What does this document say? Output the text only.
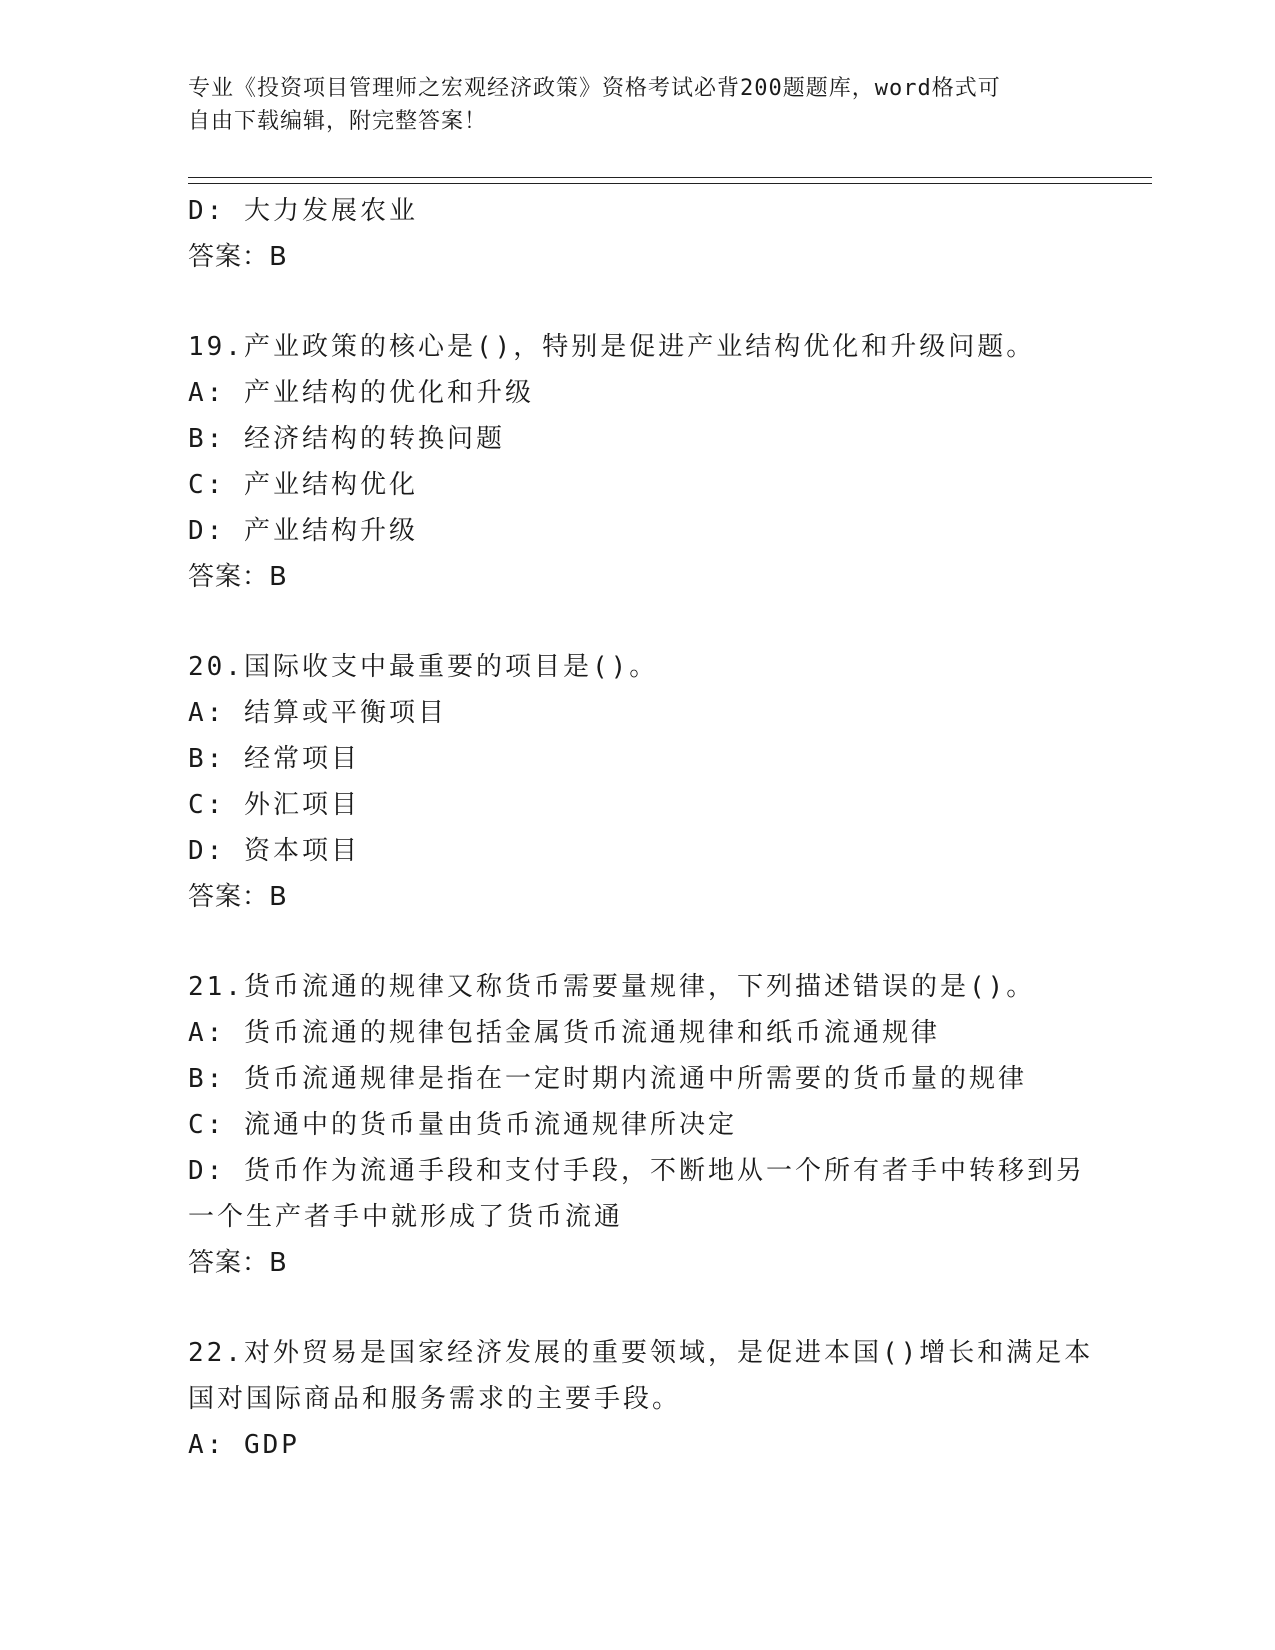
专业《投资项目管理师之宏观经济政策》资格考试必背200题题库，word格式可
自由下载编辑，附完整答案！
D: 大力发展农业
答案：B
19.产业政策的核心是()，特别是促进产业结构优化和升级问题。
A: 产业结构的优化和升级
B: 经济结构的转换问题
C: 产业结构优化
D: 产业结构升级
答案：B
20.国际收支中最重要的项目是()。
A: 结算或平衡项目
B: 经常项目
C: 外汇项目
D: 资本项目
答案：B
21.货币流通的规律又称货币需要量规律，下列描述错误的是()。
A: 货币流通的规律包括金属货币流通规律和纸币流通规律
B: 货币流通规律是指在一定时期内流通中所需要的货币量的规律
C: 流通中的货币量由货币流通规律所决定
D: 货币作为流通手段和支付手段，不断地从一个所有者手中转移到另
一个生产者手中就形成了货币流通
答案：B
22.对外贸易是国家经济发展的重要领域，是促进本国()增长和满足本
国对国际商品和服务需求的主要手段。
A: GDP
